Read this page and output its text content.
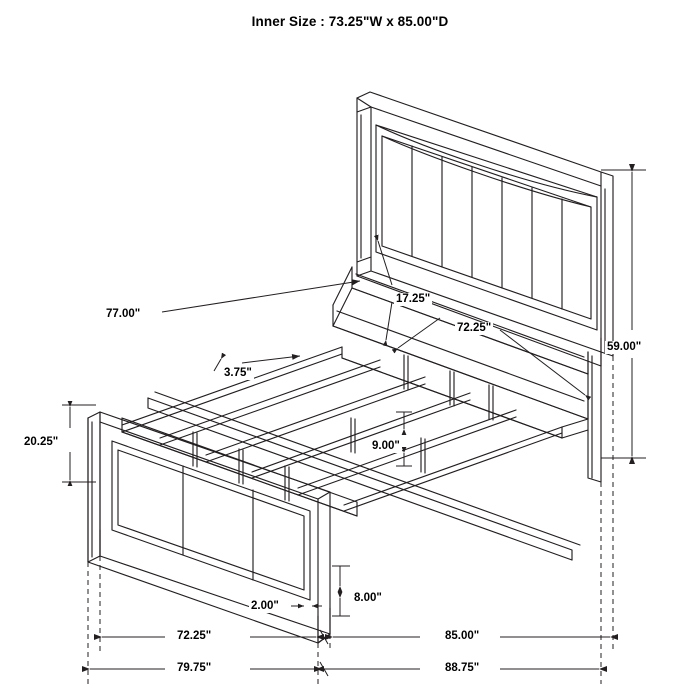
Inner Size : 73.25"W x 85.00"D
77.00"
17.25"
72.25"
59.00"
3.75"
20.25"	9.00"
8.00"
2.00"
72.25"	85.00"
79.75"	88.75"
